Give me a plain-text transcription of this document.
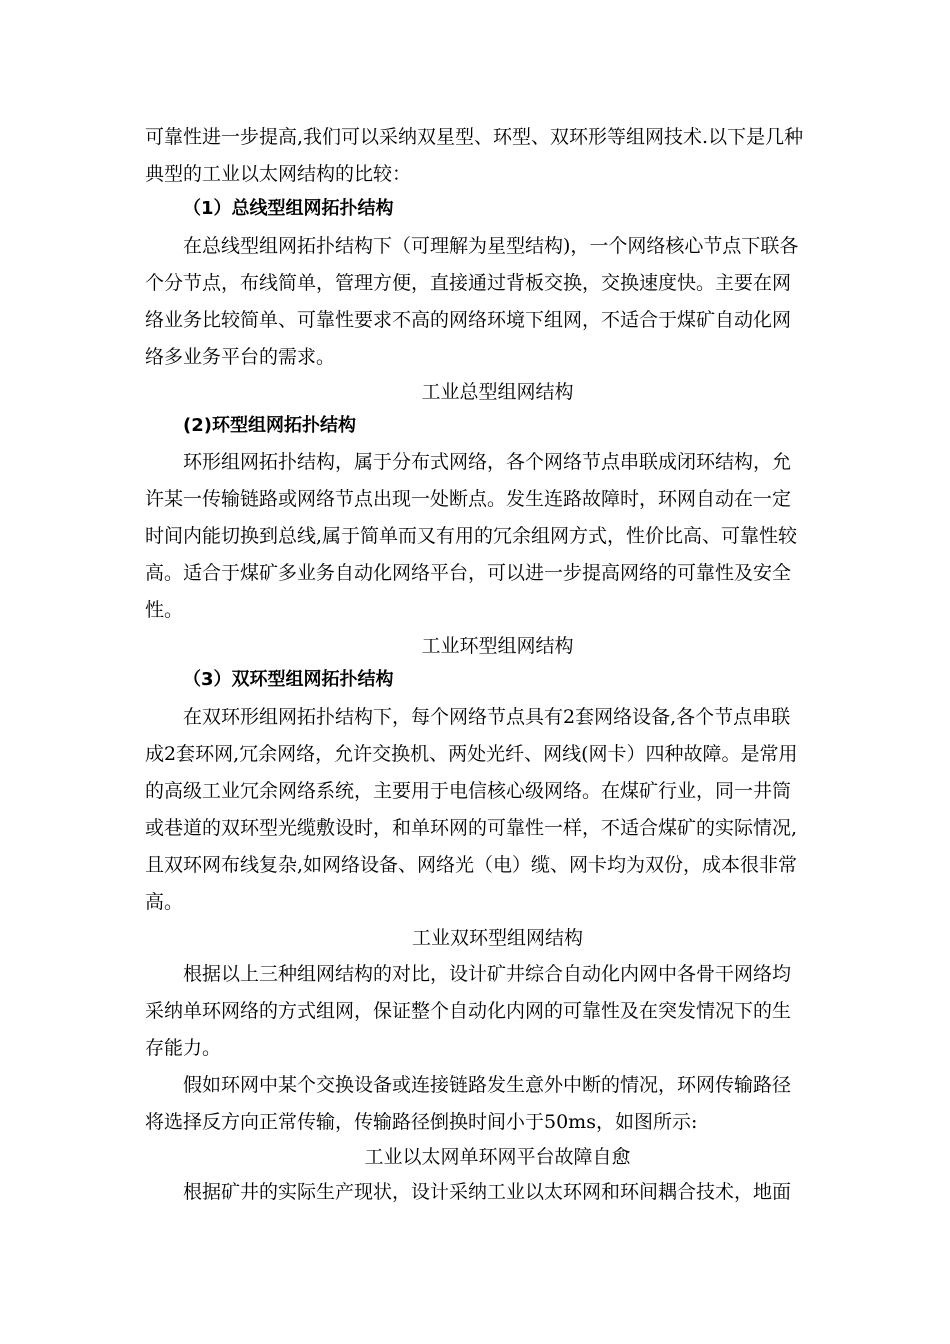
可靠性进一步提高,我们可以采纳双星型、环型、双环形等组网技术.以下是几种
典型的工业以太网结构的比较：
（1）总线型组网拓扑结构
在总线型组网拓扑结构下（可理解为星型结构)，一个网络核心节点下联各
个分节点，布线简单，管理方便，直接通过背板交换，交换速度快。主要在网
络业务比较简单、可靠性要求不高的网络环境下组网，不适合于煤矿自动化网
络多业务平台的需求。
工业总型组网结构
(2)环型组网拓扑结构
环形组网拓扑结构，属于分布式网络，各个网络节点串联成闭环结构，允
许某一传输链路或网络节点出现一处断点。发生连路故障时，环网自动在一定
时间内能切换到总线,属于简单而又有用的冗余组网方式，性价比高、可靠性较
高。适合于煤矿多业务自动化网络平台，可以进一步提高网络的可靠性及安全
性。
工业环型组网结构
（3）双环型组网拓扑结构
在双环形组网拓扑结构下，每个网络节点具有2套网络设备,各个节点串联
成2套环网,冗余网络，允许交换机、两处光纤、网线(网卡）四种故障。是常用
的高级工业冗余网络系统，主要用于电信核心级网络。在煤矿行业，同一井筒
或巷道的双环型光缆敷设时，和单环网的可靠性一样，不适合煤矿的实际情况,
且双环网布线复杂,如网络设备、网络光（电）缆、网卡均为双份，成本很非常
高。
工业双环型组网结构
根据以上三种组网结构的对比，设计矿井综合自动化内网中各骨干网络均
采纳单环网络的方式组网，保证整个自动化内网的可靠性及在突发情况下的生
存能力。
假如环网中某个交换设备或连接链路发生意外中断的情况，环网传输路径
将选择反方向正常传输，传输路径倒换时间小于50ms，如图所示:
工业以太网单环网平台故障自愈
根据矿井的实际生产现状，设计采纳工业以太环网和环间耦合技术，地面
